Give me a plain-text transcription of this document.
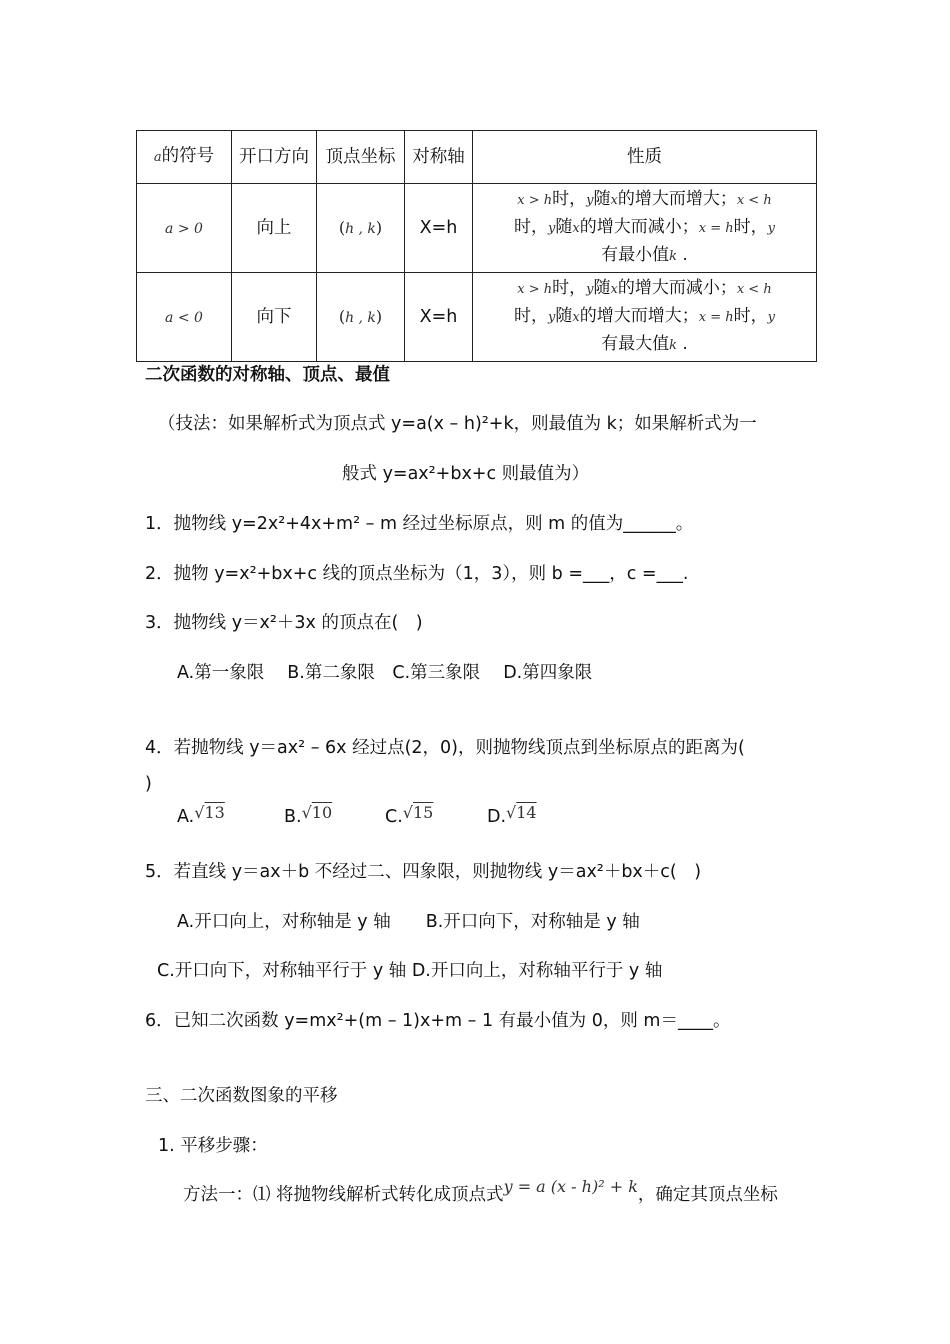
a的符号	开口方向	顶点坐标	对称轴	性质
a > 0	向上	(h , k)	X=h	x > h时，y随x的增大而增大；x < h
时，y随x的增大而减小；x = h时，y
有最小值k .
a < 0	向下	(h , k)	X=h	x > h时，y随x的增大而减小；x < h
时，y随x的增大而增大；x = h时，y
有最大值k .
二次函数的对称轴、顶点、最值
（技法：如果解析式为顶点式 y=a(x – h)²+k，则最值为 k；如果解析式为一
般式 y=ax²+bx+c 则最值为）
1．抛物线 y=2x²+4x+m² – m 经过坐标原点，则 m 的值为______。
2．抛物 y=x²+bx+c 线的顶点坐标为（1，3），则 b =___，c =___.
3．抛物线 y＝x²＋3x 的顶点在(　)
A.第一象限　 B.第二象限　C.第三象限　 D.第四象限
4．若抛物线 y＝ax² – 6x 经过点(2，0)，则抛物线顶点到坐标原点的距离为(
)
A.√13	B.√10	C.√15	D.√14
5．若直线 y＝ax＋b 不经过二、四象限，则抛物线 y＝ax²＋bx＋c(　)
A.开口向上，对称轴是 y 轴　　B.开口向下，对称轴是 y 轴
C.开口向下，对称轴平行于 y 轴 D.开口向上，对称轴平行于 y 轴
6．已知二次函数 y=mx²+(m – 1)x+m – 1 有最小值为 0，则 m＝____。
三、二次函数图象的平移
1. 平移步骤：
方法一：⑴ 将抛物线解析式转化成顶点式y = a (x - h)² + k，确定其顶点坐标
